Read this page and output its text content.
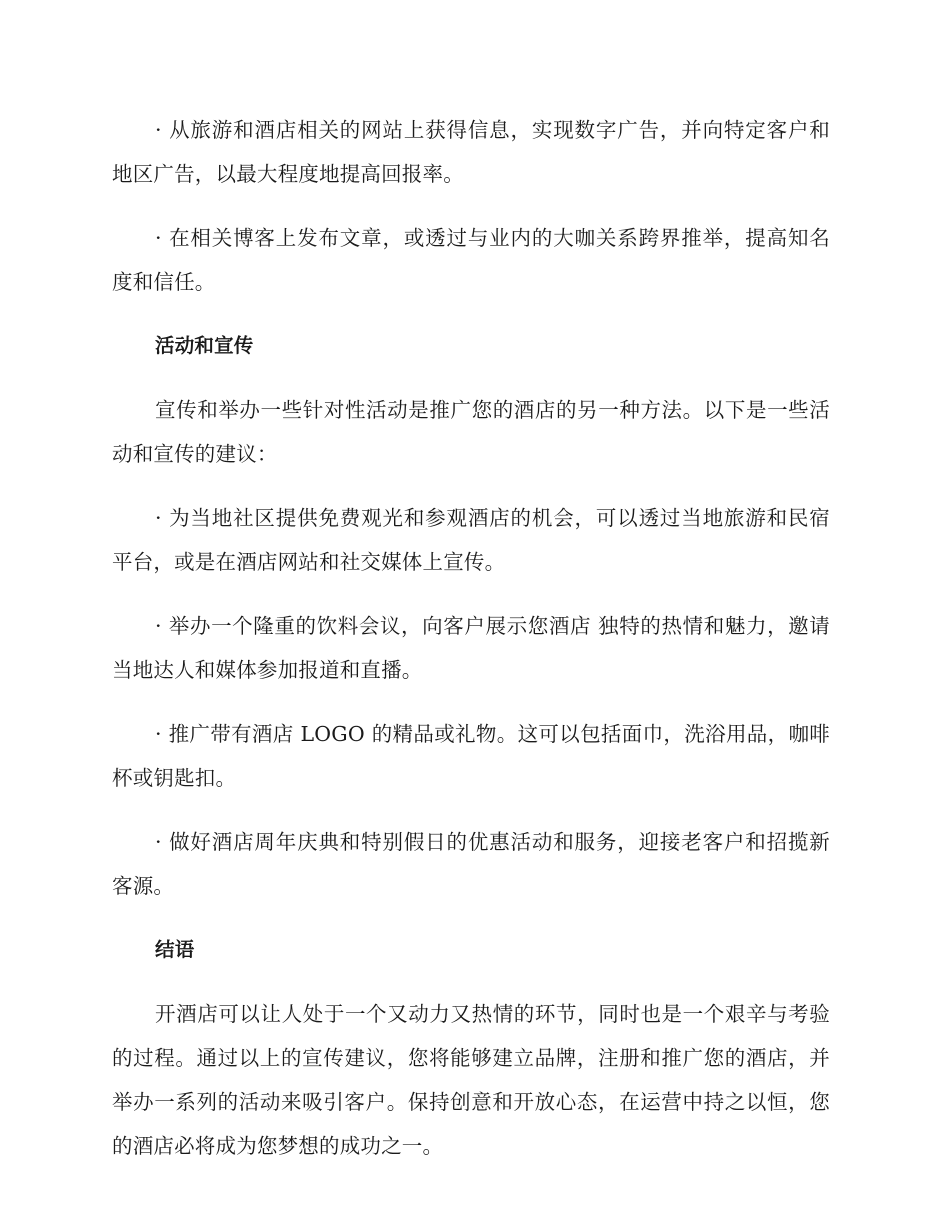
· 从旅游和酒店相关的网站上获得信息，实现数字广告，并向特定客户和地区广告，以最大程度地提高回报率。

· 在相关博客上发布文章，或透过与业内的大咖关系跨界推举，提高知名度和信任。

活动和宣传

宣传和举办一些针对性活动是推广您的酒店的另一种方法。以下是一些活动和宣传的建议：

· 为当地社区提供免费观光和参观酒店的机会，可以透过当地旅游和民宿平台，或是在酒店网站和社交媒体上宣传。

· 举办一个隆重的饮料会议，向客户展示您酒店 独特的热情和魅力，邀请当地达人和媒体参加报道和直播。

· 推广带有酒店 LOGO 的精品或礼物。这可以包括面巾，洗浴用品，咖啡杯或钥匙扣。

· 做好酒店周年庆典和特别假日的优惠活动和服务，迎接老客户和招揽新客源。

结语

开酒店可以让人处于一个又动力又热情的环节，同时也是一个艰辛与考验的过程。通过以上的宣传建议，您将能够建立品牌，注册和推广您的酒店，并举办一系列的活动来吸引客户。保持创意和开放心态，在运营中持之以恒，您的酒店必将成为您梦想的成功之一。
